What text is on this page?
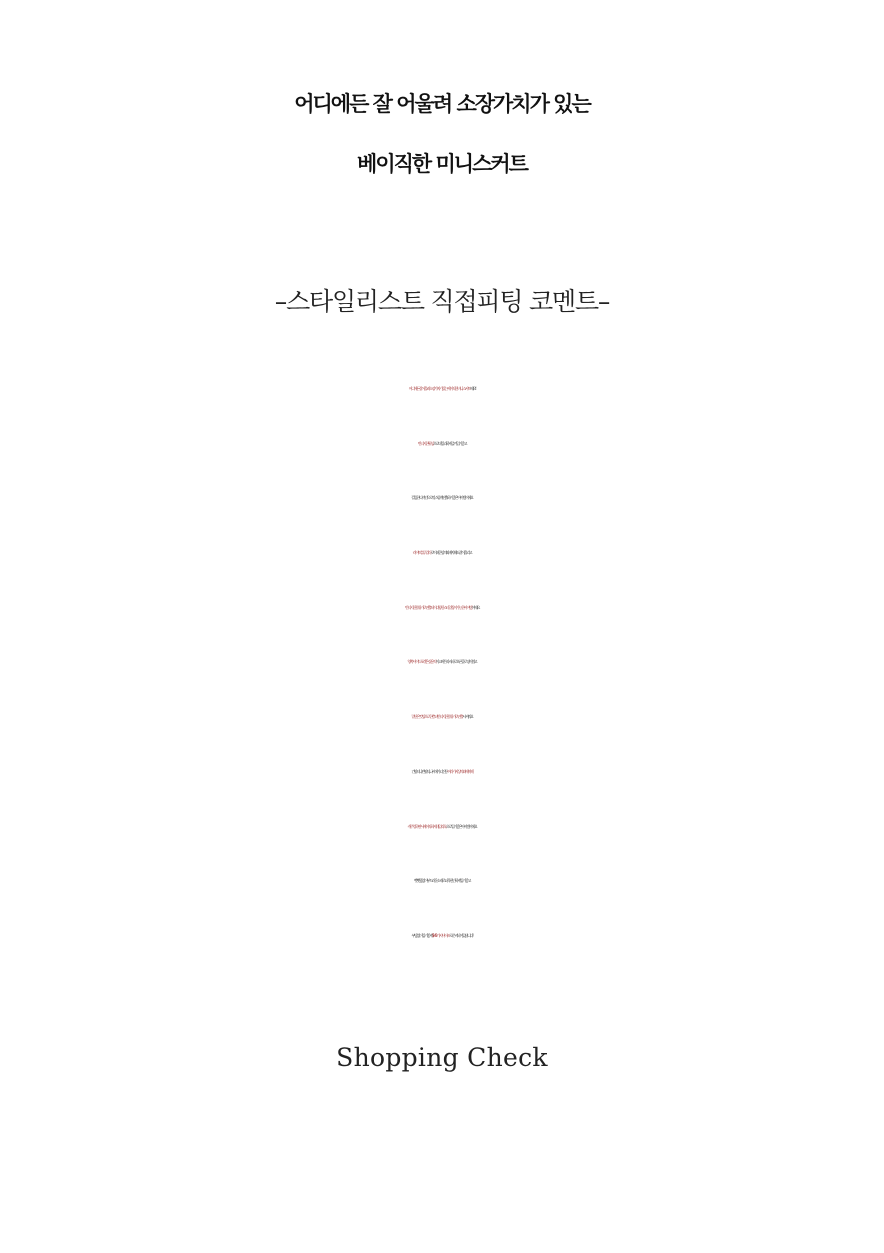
어디에든 잘 어울려 소장가치가 있는
베이직한 미니스커트
–스타일리스트 직접피팅 코멘트–
어디에든 잘 어울려 소장가치가 있는 베이직한 미니스커트에요!
빈티지한 워싱으로 데일리하게 즐겨입기 좋고
깔끔한 디자인으로 멋스럽게 연출하기 좋은 아이템이에요
라이트 블루 컬러로 어떠한 상의와 매치해도 잘 어울리고
빈티지한 분위기로 연출되어 다양한 스타일링이 가능한 아이템이에요
양쪽 사이드 포켓은 실용적이고 버튼과 지퍼로 오픈 클로징이 쉽고
밑단은 컷팅으로 한층 더 빈티지한 분위기로 연출시켜줘요
긴팔티나 반팔티, 나시에 가디건 등 여러가지 상의와 매치해
캐주얼하면서 베이직하게 데일리룩으로 입기 좋은 아이템이에요
뻣뻣함 없이 부드러운 소재로 더욱 편안하게 입기 좋고
부담없이 입기 좋게 S, M 2가지 사이즈로 준비되어 있답니다!
Shopping Check
